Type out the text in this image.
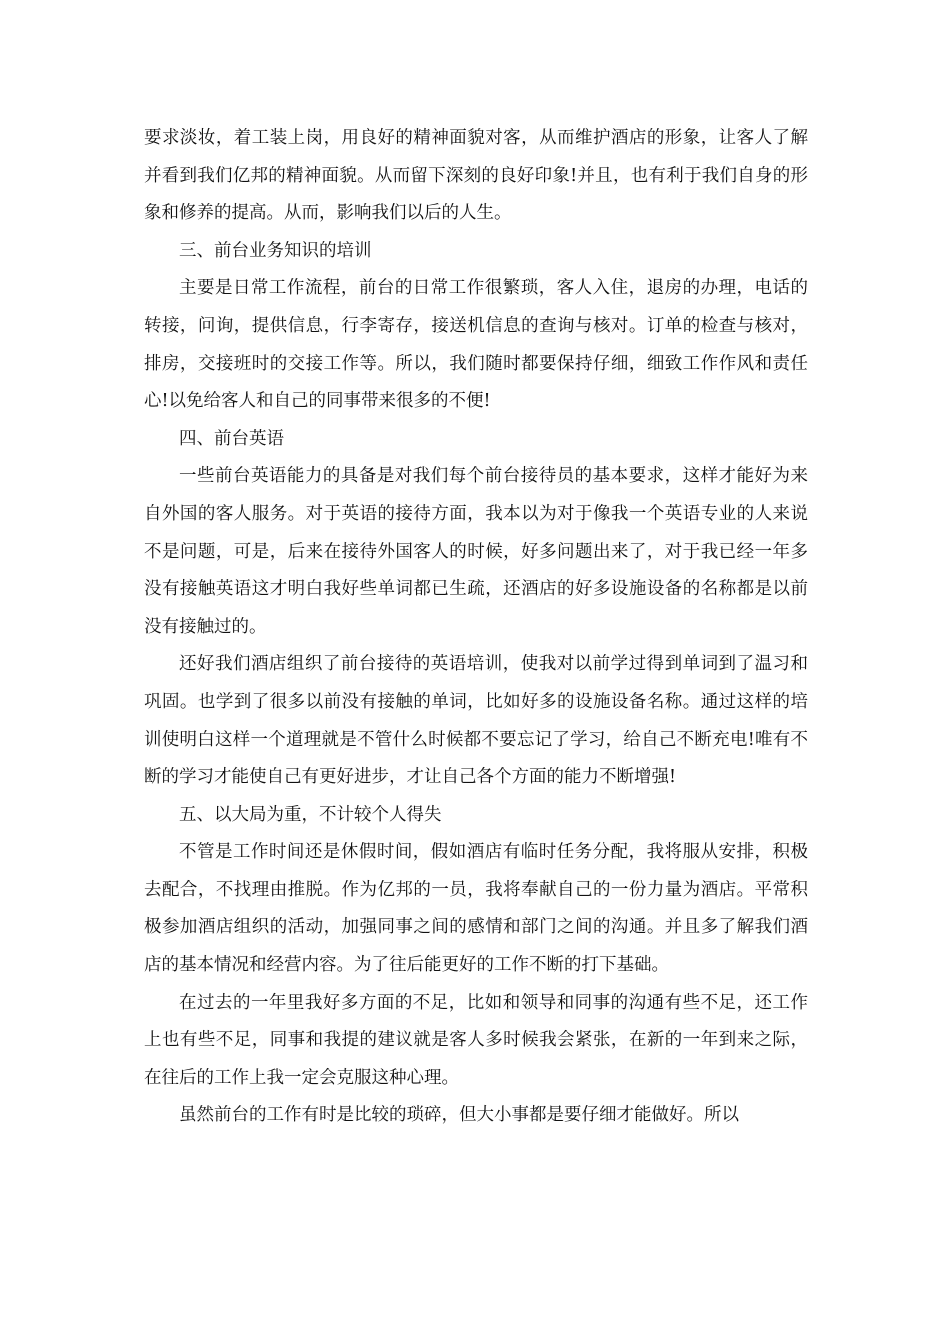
要求淡妆，着工装上岗，用良好的精神面貌对客，从而维护酒店的形象，让客人了解并看到我们亿邦的精神面貌。从而留下深刻的良好印象!并且，也有利于我们自身的形象和修养的提高。从而，影响我们以后的人生。

三、前台业务知识的培训

主要是日常工作流程，前台的日常工作很繁琐，客人入住，退房的办理，电话的转接，问询，提供信息，行李寄存，接送机信息的查询与核对。订单的检查与核对，排房，交接班时的交接工作等。所以，我们随时都要保持仔细，细致工作作风和责任心!以免给客人和自己的同事带来很多的不便!

四、前台英语

一些前台英语能力的具备是对我们每个前台接待员的基本要求，这样才能好为来自外国的客人服务。对于英语的接待方面，我本以为对于像我一个英语专业的人来说不是问题，可是，后来在接待外国客人的时候，好多问题出来了，对于我已经一年多没有接触英语这才明白我好些单词都已生疏，还酒店的好多设施设备的名称都是以前没有接触过的。

还好我们酒店组织了前台接待的英语培训，使我对以前学过得到单词到了温习和巩固。也学到了很多以前没有接触的单词，比如好多的设施设备名称。通过这样的培训使明白这样一个道理就是不管什么时候都不要忘记了学习，给自己不断充电!唯有不断的学习才能使自己有更好进步，才让自己各个方面的能力不断增强!

五、以大局为重，不计较个人得失

不管是工作时间还是休假时间，假如酒店有临时任务分配，我将服从安排，积极去配合，不找理由推脱。作为亿邦的一员，我将奉献自己的一份力量为酒店。平常积极参加酒店组织的活动，加强同事之间的感情和部门之间的沟通。并且多了解我们酒店的基本情况和经营内容。为了往后能更好的工作不断的打下基础。

在过去的一年里我好多方面的不足，比如和领导和同事的沟通有些不足，还工作上也有些不足，同事和我提的建议就是客人多时候我会紧张，在新的一年到来之际，在往后的工作上我一定会克服这种心理。

虽然前台的工作有时是比较的琐碎，但大小事都是要仔细才能做好。所以
